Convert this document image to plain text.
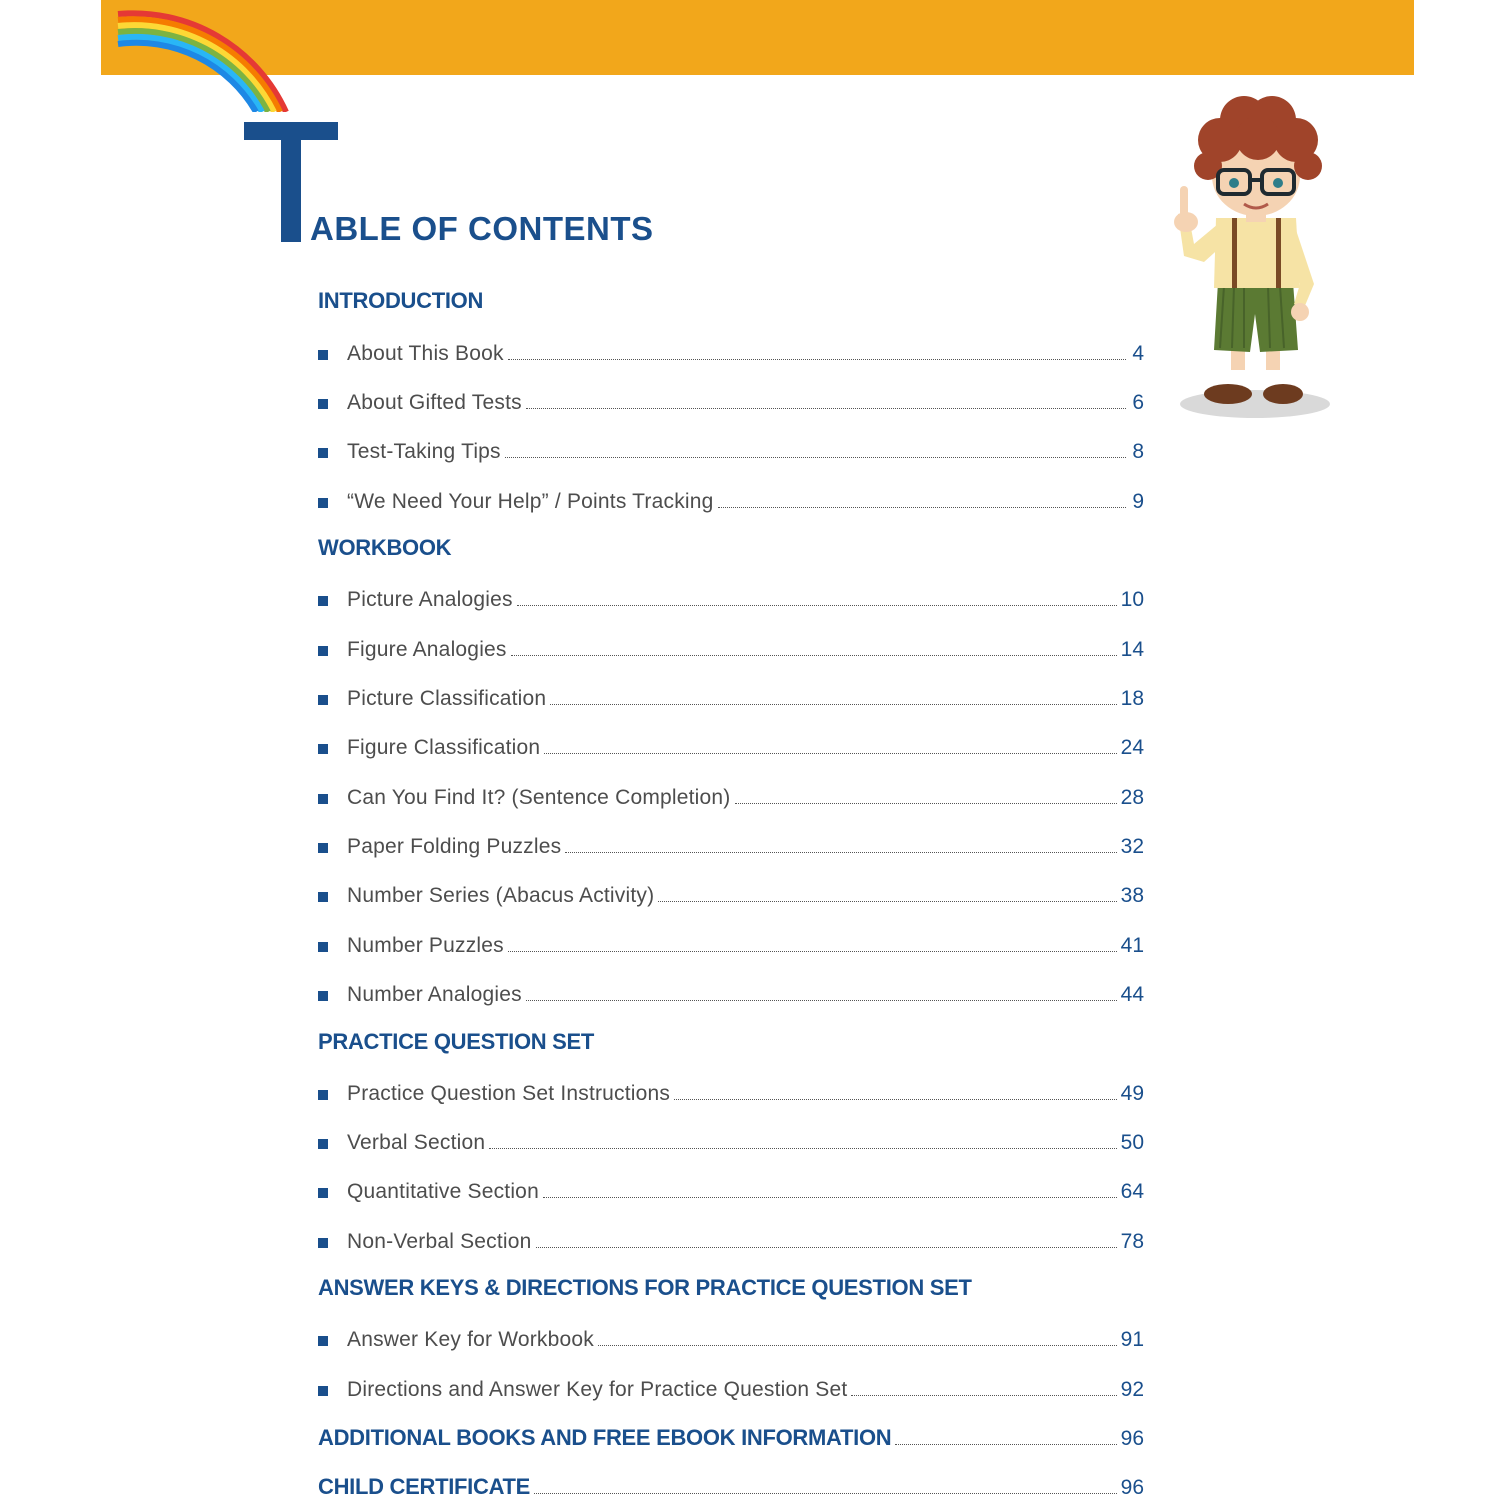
ABLE OF CONTENTS
INTRODUCTION
About This Book	4
About Gifted Tests	6
Test-Taking Tips	8
“We Need Your Help” / Points Tracking	9
WORKBOOK
Picture Analogies	10
Figure Analogies	14
Picture Classification	18
Figure Classification	24
Can You Find It? (Sentence Completion)	28
Paper Folding Puzzles	32
Number Series (Abacus Activity)	38
Number Puzzles	41
Number Analogies	44
PRACTICE QUESTION SET
Practice Question Set Instructions	49
Verbal Section	50
Quantitative Section	64
Non-Verbal Section	78
ANSWER KEYS & DIRECTIONS FOR PRACTICE QUESTION SET
Answer Key for Workbook	91
Directions and Answer Key for Practice Question Set	92
ADDITIONAL BOOKS AND FREE EBOOK INFORMATION	96
CHILD CERTIFICATE	96
